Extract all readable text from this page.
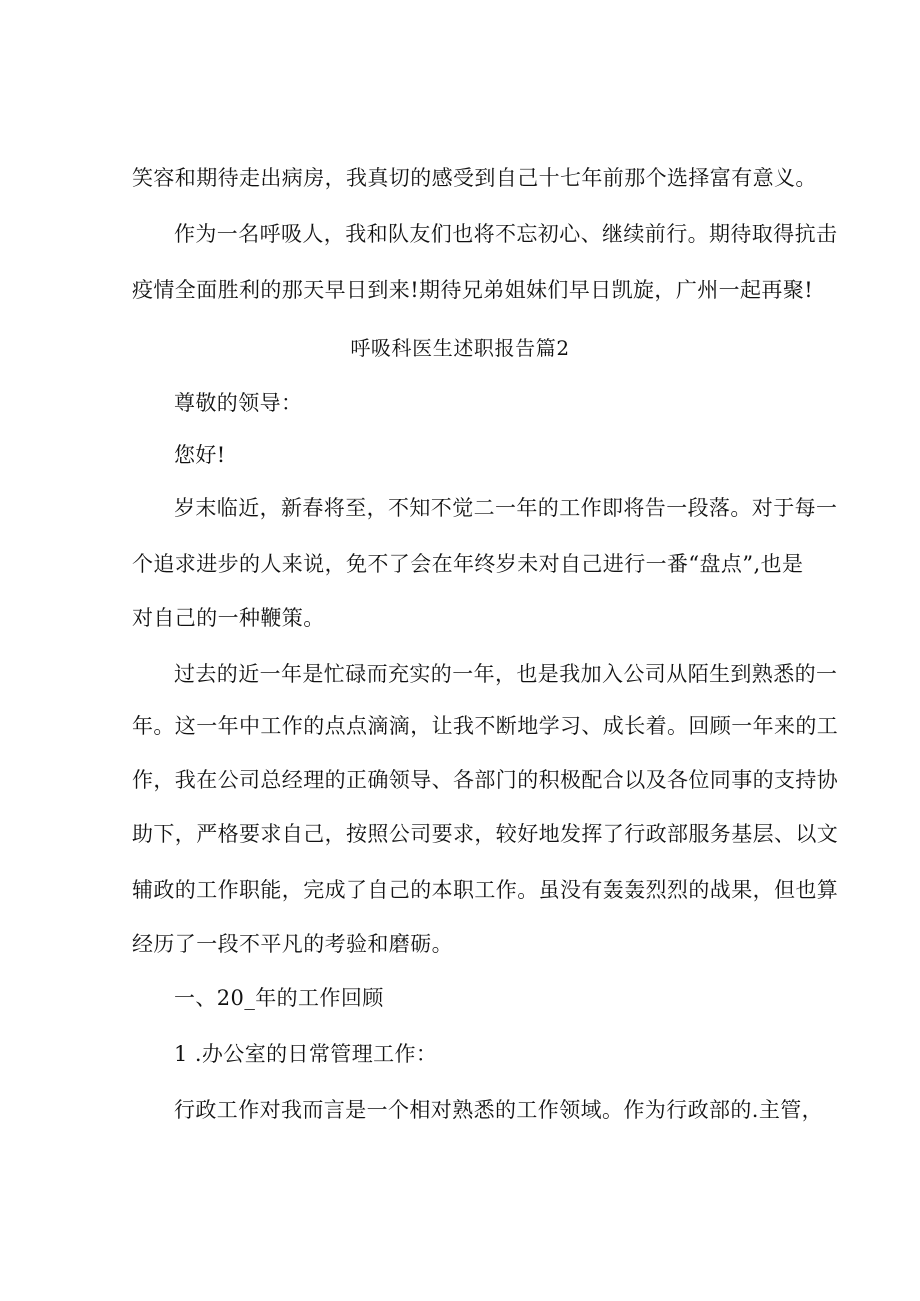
笑容和期待走出病房，我真切的感受到自己十七年前那个选择富有意义。
作为一名呼吸人，我和队友们也将不忘初心、继续前行。期待取得抗击
疫情全面胜利的那天早日到来!期待兄弟姐妹们早日凯旋，广州一起再聚!
呼吸科医生述职报告篇2
尊敬的领导：
您好!
岁末临近，新春将至，不知不觉二一年的工作即将告一段落。对于每一
个追求进步的人来说，免不了会在年终岁未对自己进行一番“盘点”,也是
对自己的一种鞭策。
过去的近一年是忙碌而充实的一年，也是我加入公司从陌生到熟悉的一
年。这一年中工作的点点滴滴，让我不断地学习、成长着。回顾一年来的工
作，我在公司总经理的正确领导、各部门的积极配合以及各位同事的支持协
助下，严格要求自己，按照公司要求，较好地发挥了行政部服务基层、以文
辅政的工作职能，完成了自己的本职工作。虽没有轰轰烈烈的战果，但也算
经历了一段不平凡的考验和磨砺。
一、20_年的工作回顾
1 .办公室的日常管理工作：
行政工作对我而言是一个相对熟悉的工作领域。作为行政部的.主管，
